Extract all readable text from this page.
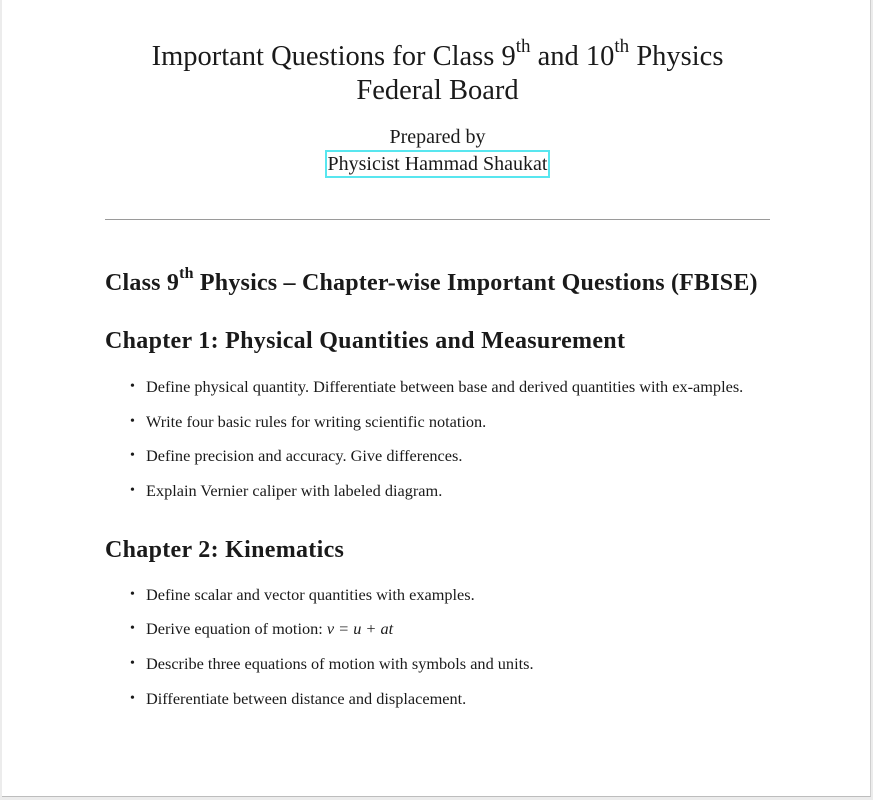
Important Questions for Class 9th and 10th Physics
Federal Board
Prepared by
Physicist Hammad Shaukat
Class 9th Physics – Chapter-wise Important Questions (FBISE)
Chapter 1: Physical Quantities and Measurement
• Define physical quantity. Differentiate between base and derived quantities with ex-amples.
• Write four basic rules for writing scientific notation.
• Define precision and accuracy. Give differences.
• Explain Vernier caliper with labeled diagram.
Chapter 2: Kinematics
• Define scalar and vector quantities with examples.
• Derive equation of motion: v = u + at
• Describe three equations of motion with symbols and units.
• Differentiate between distance and displacement.
